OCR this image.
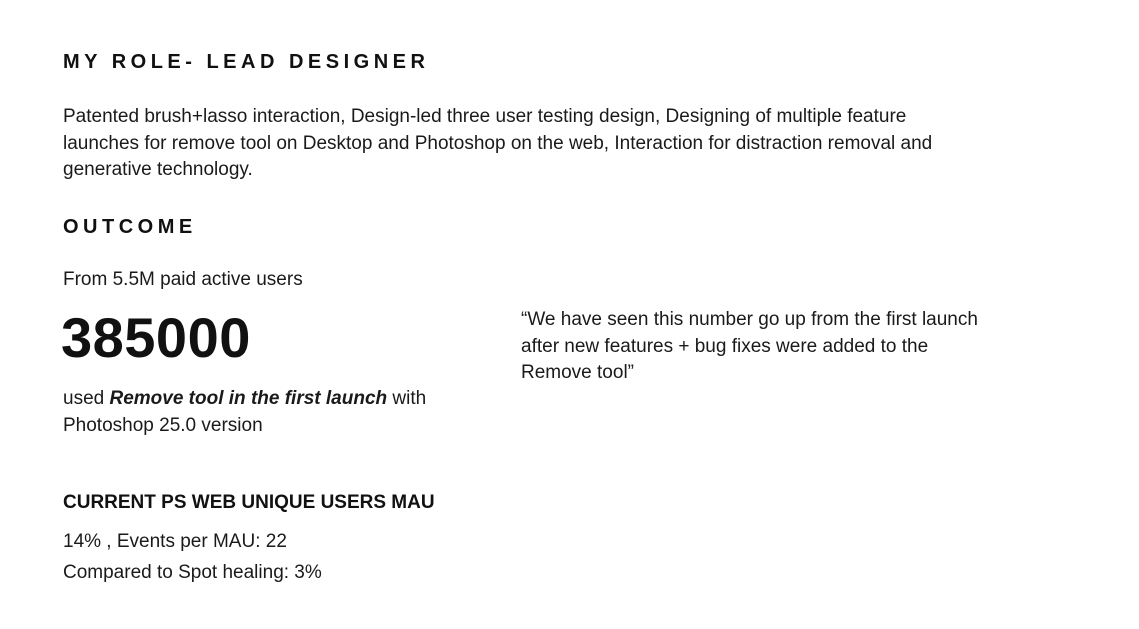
MY ROLE- LEAD DESIGNER

Patented brush+lasso interaction, Design-led three user testing design, Designing of multiple feature launches for remove tool on Desktop and Photoshop on the web, Interaction for distraction removal and generative technology.

OUTCOME

From 5.5M paid active users

385000

used Remove tool in the first launch with Photoshop 25.0 version

“We have seen this number go up from the first launch after new features + bug fixes were added to the Remove tool”

CURRENT PS WEB UNIQUE USERS MAU

14% , Events per MAU: 22

Compared to Spot healing: 3%
